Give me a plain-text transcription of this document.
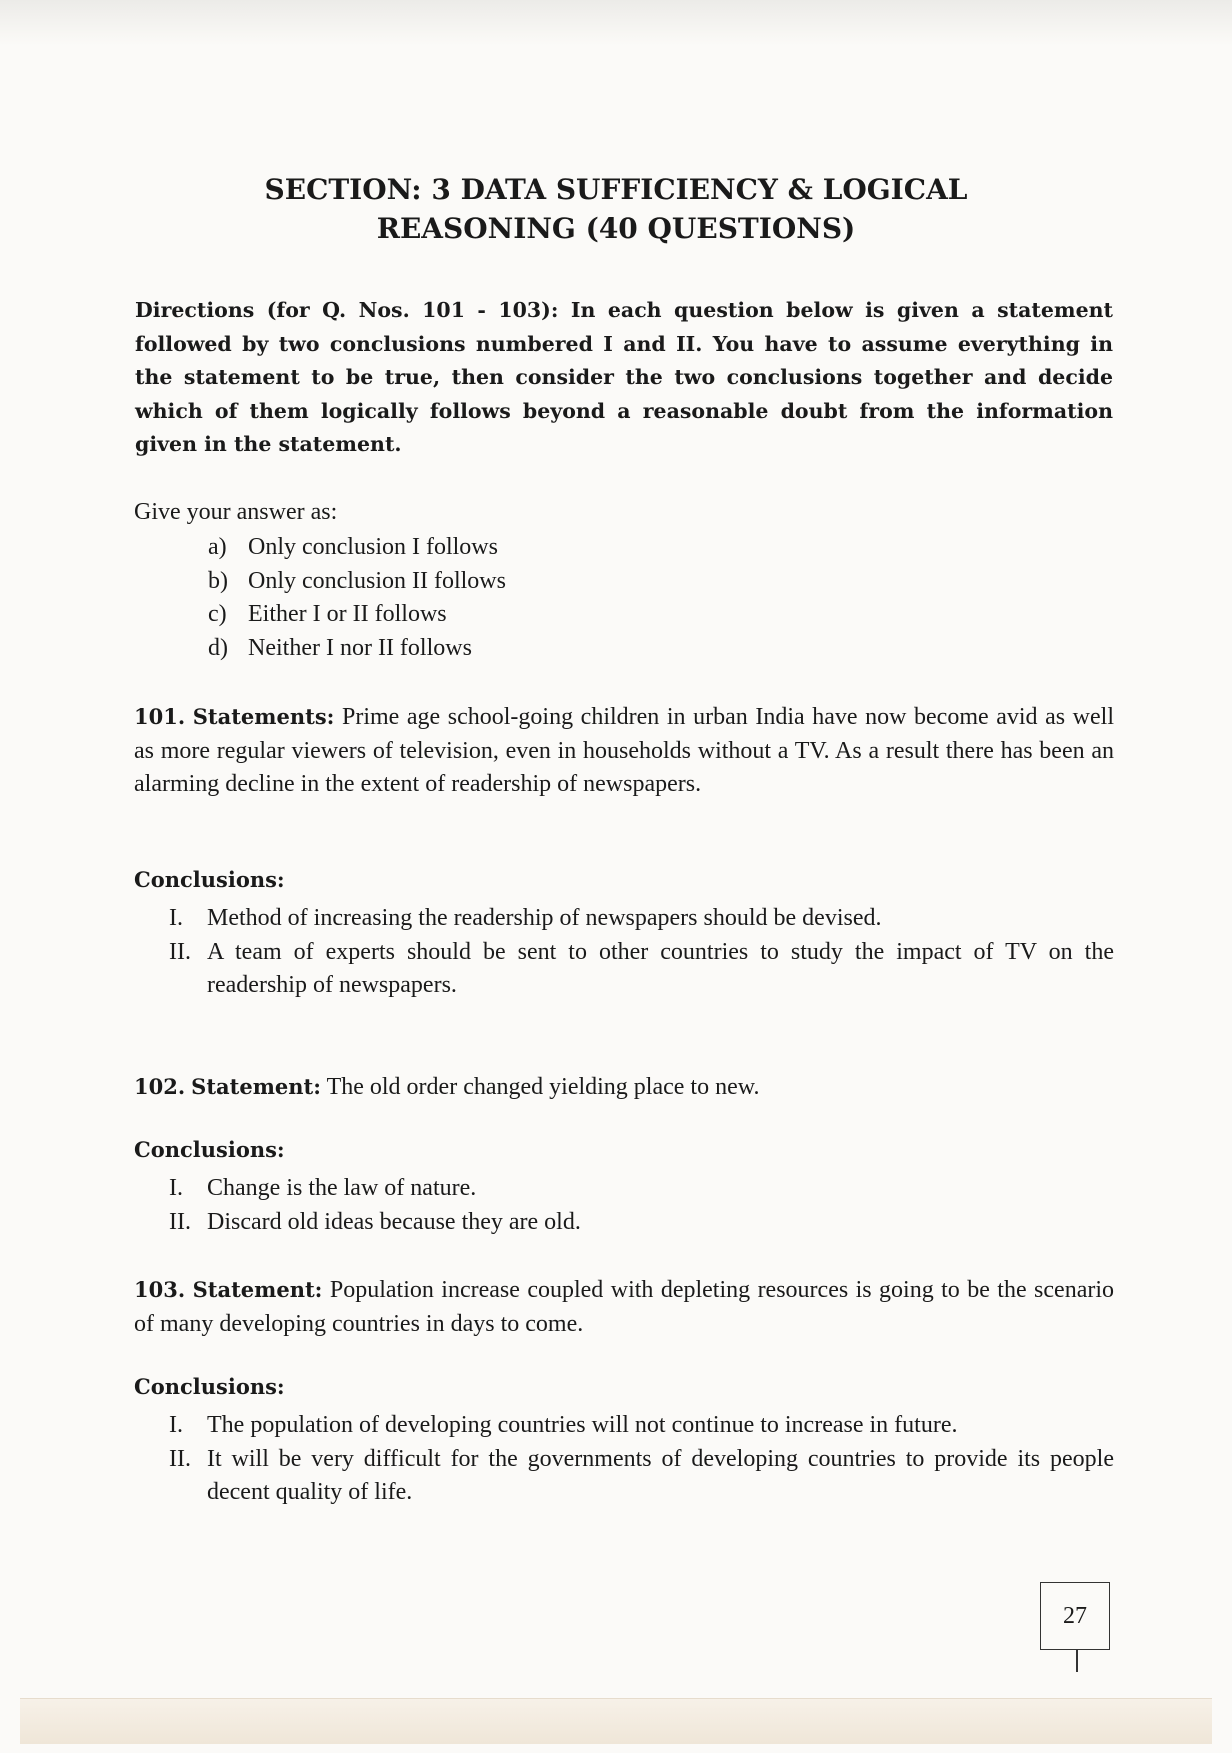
SECTION: 3 DATA SUFFICIENCY & LOGICAL
REASONING (40 QUESTIONS)

Directions (for Q. Nos. 101 - 103): In each question below is given a statement followed by two conclusions numbered I and II. You have to assume everything in the statement to be true, then consider the two conclusions together and decide which of them logically follows beyond a reasonable doubt from the information given in the statement.

Give your answer as:

a) Only conclusion I follows
b) Only conclusion II follows
c) Either I or II follows
d) Neither I nor II follows

101. Statements: Prime age school-going children in urban India have now become avid as well as more regular viewers of television, even in households without a TV. As a result there has been an alarming decline in the extent of readership of newspapers.

Conclusions:

I.	Method of increasing the readership of newspapers should be devised.
II. A team of experts should be sent to other countries to study the impact of TV on the readership of newspapers.

102. Statement: The old order changed yielding place to new.

Conclusions:

I.	Change is the law of nature.
II. Discard old ideas because they are old.

103. Statement: Population increase coupled with depleting resources is going to be the scenario of many developing countries in days to come.

Conclusions:

I.	The population of developing countries will not continue to increase in future.
II. It will be very difficult for the governments of developing countries to provide its people decent quality of life.
27
